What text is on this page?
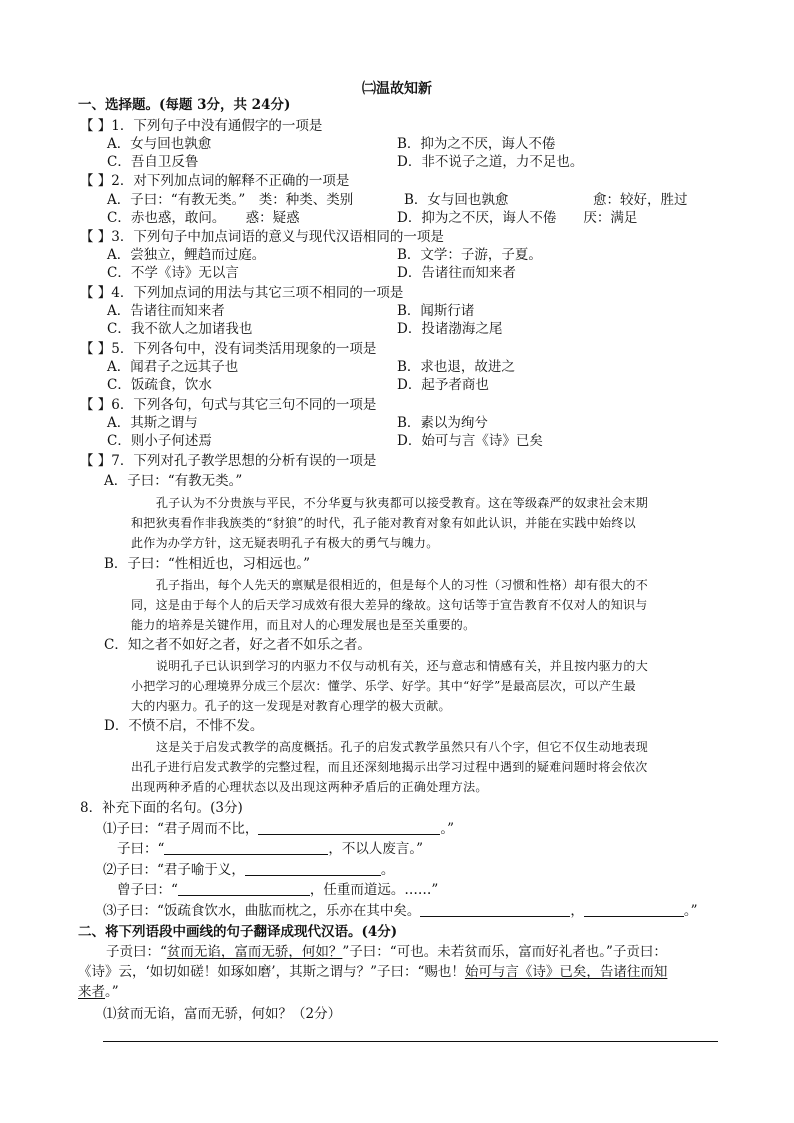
㈡温故知新
一、选择题。(每题 3分，共 24分)
【 】1．下列句子中没有通假字的一项是
A．女与回也孰愈	B．抑为之不厌，诲人不倦
C．吾自卫反鲁	D．非不说子之道，力不足也。
【 】2．对下列加点词的解释不正确的一项是
A．子曰：“有教无类。”　类：种类、类别	B．女与回也孰愈	愈：较好，胜过
C．赤也惑，敢问。　　惑：疑惑	D．抑为之不厌，诲人不倦　　厌：满足
【 】3．下列句子中加点词语的意义与现代汉语相同的一项是
A．尝独立，鲤趋而过庭。	B．文学：子游，子夏。
C．不学《诗》无以言	D．告诸往而知来者
【 】4．下列加点词的用法与其它三项不相同的一项是
A．告诸往而知来者	B．闻斯行诸
C．我不欲人之加诸我也	D．投诸渤海之尾
【 】5．下列各句中，没有词类活用现象的一项是
A．闻君子之远其子也	B．求也退，故进之
C．饭疏食，饮水	D．起予者商也
【 】6．下列各句，句式与其它三句不同的一项是
A．其斯之谓与	B．素以为绚兮
C．则小子何述焉	D．始可与言《诗》已矣
【 】7．下列对孔子教学思想的分析有误的一项是
A．子曰：“有教无类。”
孔子认为不分贵族与平民，不分华夏与狄夷都可以接受教育。这在等级森严的奴隶社会末期
和把狄夷看作非我族类的“豺狼”的时代，孔子能对教育对象有如此认识，并能在实践中始终以
此作为办学方针，这无疑表明孔子有极大的勇气与魄力。
B．子曰：“性相近也，习相远也。”
孔子指出，每个人先天的禀赋是很相近的，但是每个人的习性（习惯和性格）却有很大的不
同，这是由于每个人的后天学习成效有很大差异的缘故。这句话等于宣告教育不仅对人的知识与
能力的培养是关键作用，而且对人的心理发展也是至关重要的。
C．知之者不如好之者，好之者不如乐之者。
说明孔子已认识到学习的内驱力不仅与动机有关，还与意志和情感有关，并且按内驱力的大
小把学习的心理境界分成三个层次：懂学、乐学、好学。其中“好学”是最高层次，可以产生最
大的内驱力。孔子的这一发现是对教育心理学的极大贡献。
D．不愤不启，不悱不发。
这是关于启发式教学的高度概括。孔子的启发式教学虽然只有八个字，但它不仅生动地表现
出孔子进行启发式教学的完整过程，而且还深刻地揭示出学习过程中遇到的疑难问题时将会依次
出现两种矛盾的心理状态以及出现这两种矛盾后的正确处理方法。
8．补充下面的名句。(3分)
⑴子曰：“君子周而不比，	。”
子曰：“	，不以人废言。”
⑵子曰：“君子喻于义，	。
曾子曰：“	，任重而道远。……”
⑶子曰：“饭疏食饮水，曲肱而枕之，乐亦在其中矣。	，	。”
二、将下列语段中画线的句子翻译成现代汉语。(4分)
子贡曰：“贫而无谄，富而无骄，何如？”子曰：“可也。未若贫而乐，富而好礼者也。”子贡曰：
《诗》云，‘如切如磋！如琢如磨’，其斯之谓与？”子曰：“赐也！始可与言《诗》已矣，告诸往而知
来者。”
⑴贫而无谄，富而无骄，何如？（2分）
